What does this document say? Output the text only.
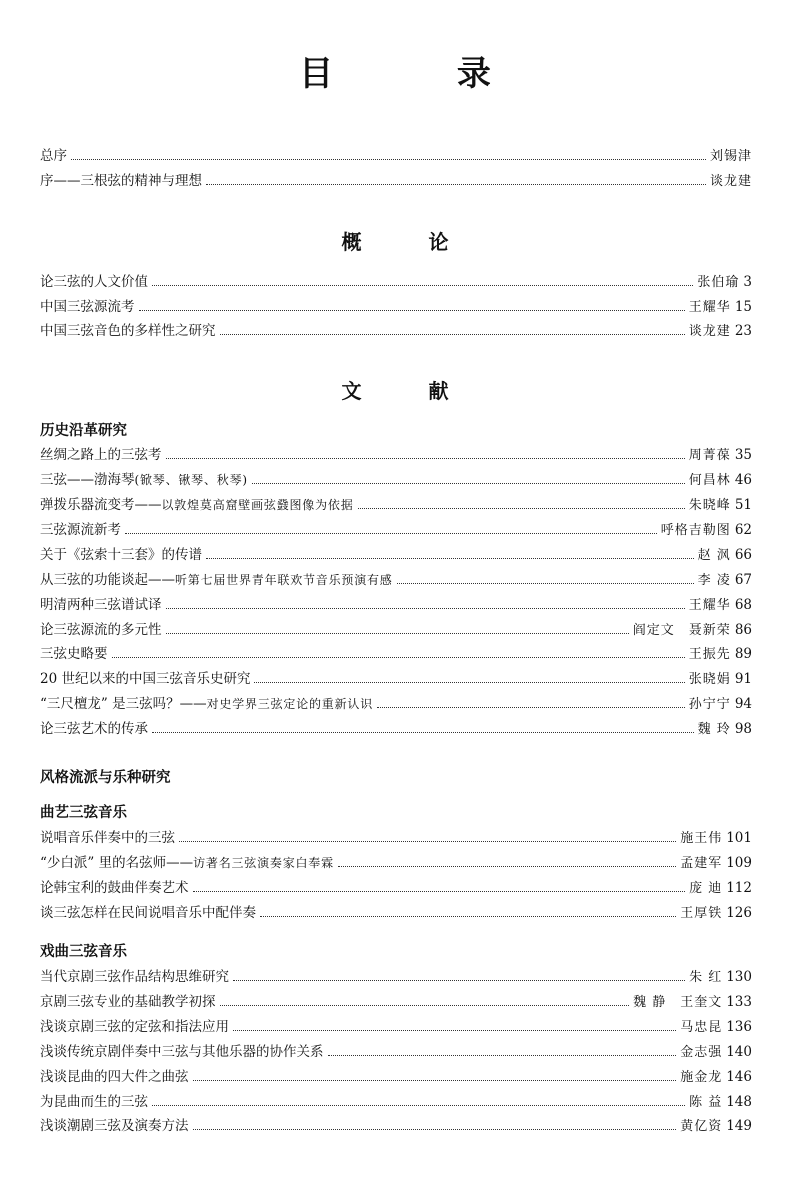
目 录
总序	刘锡津
序——三根弦的精神与理想	谈龙建
概 论
论三弦的人文价值	张伯瑜 3
中国三弦源流考	王耀华 15
中国三弦音色的多样性之研究	谈龙建 23
文 献
历史沿革研究
丝绸之路上的三弦考	周菁葆 35
三弦——渤海琴 (锨琴、锹琴、秋琴)	何昌林 46
弹拨乐器流变考—— 以敦煌莫高窟壁画弦鼗图像为依据	朱晓峰 51
三弦源流新考	呼格吉勒图 62
关于《弦索十三套》的传谱	赵 沨 66
从三弦的功能谈起—— 听第七届世界青年联欢节音乐预演有感	李 凌 67
明清两种三弦谱试译	王耀华 68
论三弦源流的多元性	阎定文 聂新荣 86
三弦史略要	王振先 89
20 世纪以来的中国三弦音乐史研究	张晓娟 91
“三尺檀龙” 是三弦吗？—— 对史学界三弦定论的重新认识	孙宁宁 94
论三弦艺术的传承	魏 玲 98
风格流派与乐种研究
曲艺三弦音乐
说唱音乐伴奏中的三弦	施王伟 101
“少白派” 里的名弦师—— 访著名三弦演奏家白奉霖	孟建军 109
论韩宝利的鼓曲伴奏艺术	庞 迪 112
谈三弦怎样在民间说唱音乐中配伴奏	王厚铁 126
戏曲三弦音乐
当代京剧三弦作品结构思维研究	朱 红 130
京剧三弦专业的基础教学初探	魏 静 王奎文 133
浅谈京剧三弦的定弦和指法应用	马忠昆 136
浅谈传统京剧伴奏中三弦与其他乐器的协作关系	金志强 140
浅谈昆曲的四大件之曲弦	施金龙 146
为昆曲而生的三弦	陈 益 148
浅谈潮剧三弦及演奏方法	黄亿资 149
